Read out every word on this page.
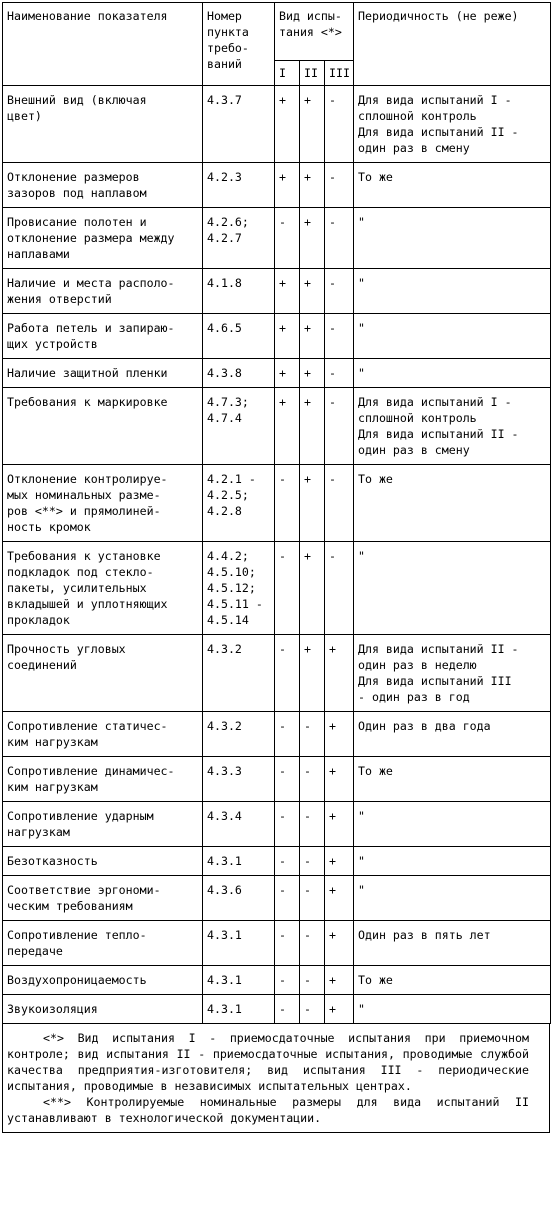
Наименование показателя	Номер
пункта
требо-
ваний	Вид испы-
тания <*>			Периодичность (не реже)
		I	II	III	
Внешний вид (включая
цвет)	4.3.7	+	+	-	Для вида испытаний I -
сплошной контроль
Для вида испытаний II -
один раз в смену
Отклонение размеров
зазоров под наплавом	4.2.3	+	+	-	То же
Провисание полотен и
отклонение размера между
наплавами	4.2.6;
4.2.7	-	+	-	"
Наличие и места располо-
жения отверстий	4.1.8	+	+	-	"
Работа петель и запираю-
щих устройств	4.6.5	+	+	-	"
Наличие защитной пленки	4.3.8	+	+	-	"
Требования к маркировке	4.7.3;
4.7.4	+	+	-	Для вида испытаний I -
сплошной контроль
Для вида испытаний II -
один раз в смену
Отклонение контролируе-
мых номинальных разме-
ров <**> и прямолиней-
ность кромок	4.2.1 -
4.2.5;
4.2.8	-	+	-	То же
Требования к установке
подкладок под стекло-
пакеты, усилительных
вкладышей и уплотняющих
прокладок	4.4.2;
4.5.10;
4.5.12;
4.5.11 -
4.5.14	-	+	-	"
Прочность угловых
соединений	4.3.2	-	+	+	Для вида испытаний II -
один раз в неделю
Для вида испытаний III
- один раз в год
Сопротивление статичес-
ким нагрузкам	4.3.2	-	-	+	Один раз в два года
Сопротивление динамичес-
ким нагрузкам	4.3.3	-	-	+	То же
Сопротивление ударным
нагрузкам	4.3.4	-	-	+	"
Безотказность	4.3.1	-	-	+	"
Соответствие эргономи-
ческим требованиям	4.3.6	-	-	+	"
Сопротивление тепло-
передаче	4.3.1	-	-	+	Один раз в пять лет
Воздухопроницаемость	4.3.1	-	-	+	То же
Звукоизоляция	4.3.1	-	-	+	"

<*> Вид испытания I - приемосдаточные испытания при приемочном контроле; вид испытания II - приемосдаточные испытания, проводимые службой качества предприятия-изготовителя; вид испытания III - периодические испытания, проводимые в независимых испытательных центрах.

<**> Контролируемые номинальные размеры для вида испытаний II устанавливают в технологической документации.
